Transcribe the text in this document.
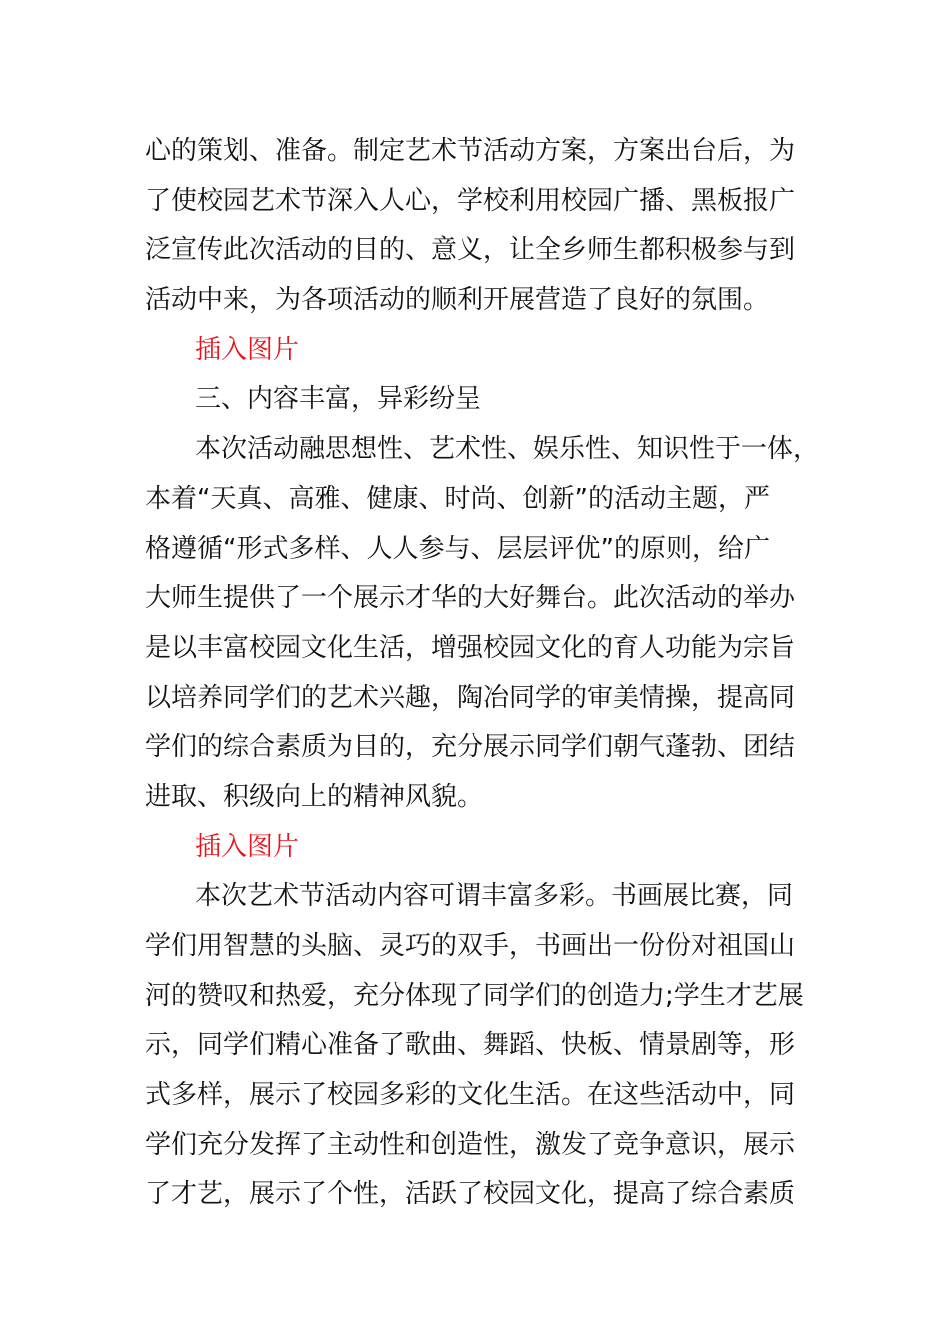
心的策划、准备。制定艺术节活动方案，方案出台后，为
了使校园艺术节深入人心，学校利用校园广播、黑板报广
泛宣传此次活动的目的、意义，让全乡师生都积极参与到
活动中来，为各项活动的顺利开展营造了良好的氛围。
插入图片
三、内容丰富，异彩纷呈
本次活动融思想性、艺术性、娱乐性、知识性于一体，
本着“天真、高雅、健康、时尚、创新”的活动主题，严
格遵循“形式多样、人人参与、层层评优”的原则，给广
大师生提供了一个展示才华的大好舞台。此次活动的举办
是以丰富校园文化生活，增强校园文化的育人功能为宗旨
以培养同学们的艺术兴趣，陶冶同学的审美情操，提高同
学们的综合素质为目的，充分展示同学们朝气蓬勃、团结
进取、积级向上的精神风貌。
插入图片
本次艺术节活动内容可谓丰富多彩。书画展比赛，同
学们用智慧的头脑、灵巧的双手，书画出一份份对祖国山
河的赞叹和热爱，充分体现了同学们的创造力;学生才艺展
示，同学们精心准备了歌曲、舞蹈、快板、情景剧等，形
式多样，展示了校园多彩的文化生活。在这些活动中，同
学们充分发挥了主动性和创造性，激发了竞争意识，展示
了才艺，展示了个性，活跃了校园文化，提高了综合素质
